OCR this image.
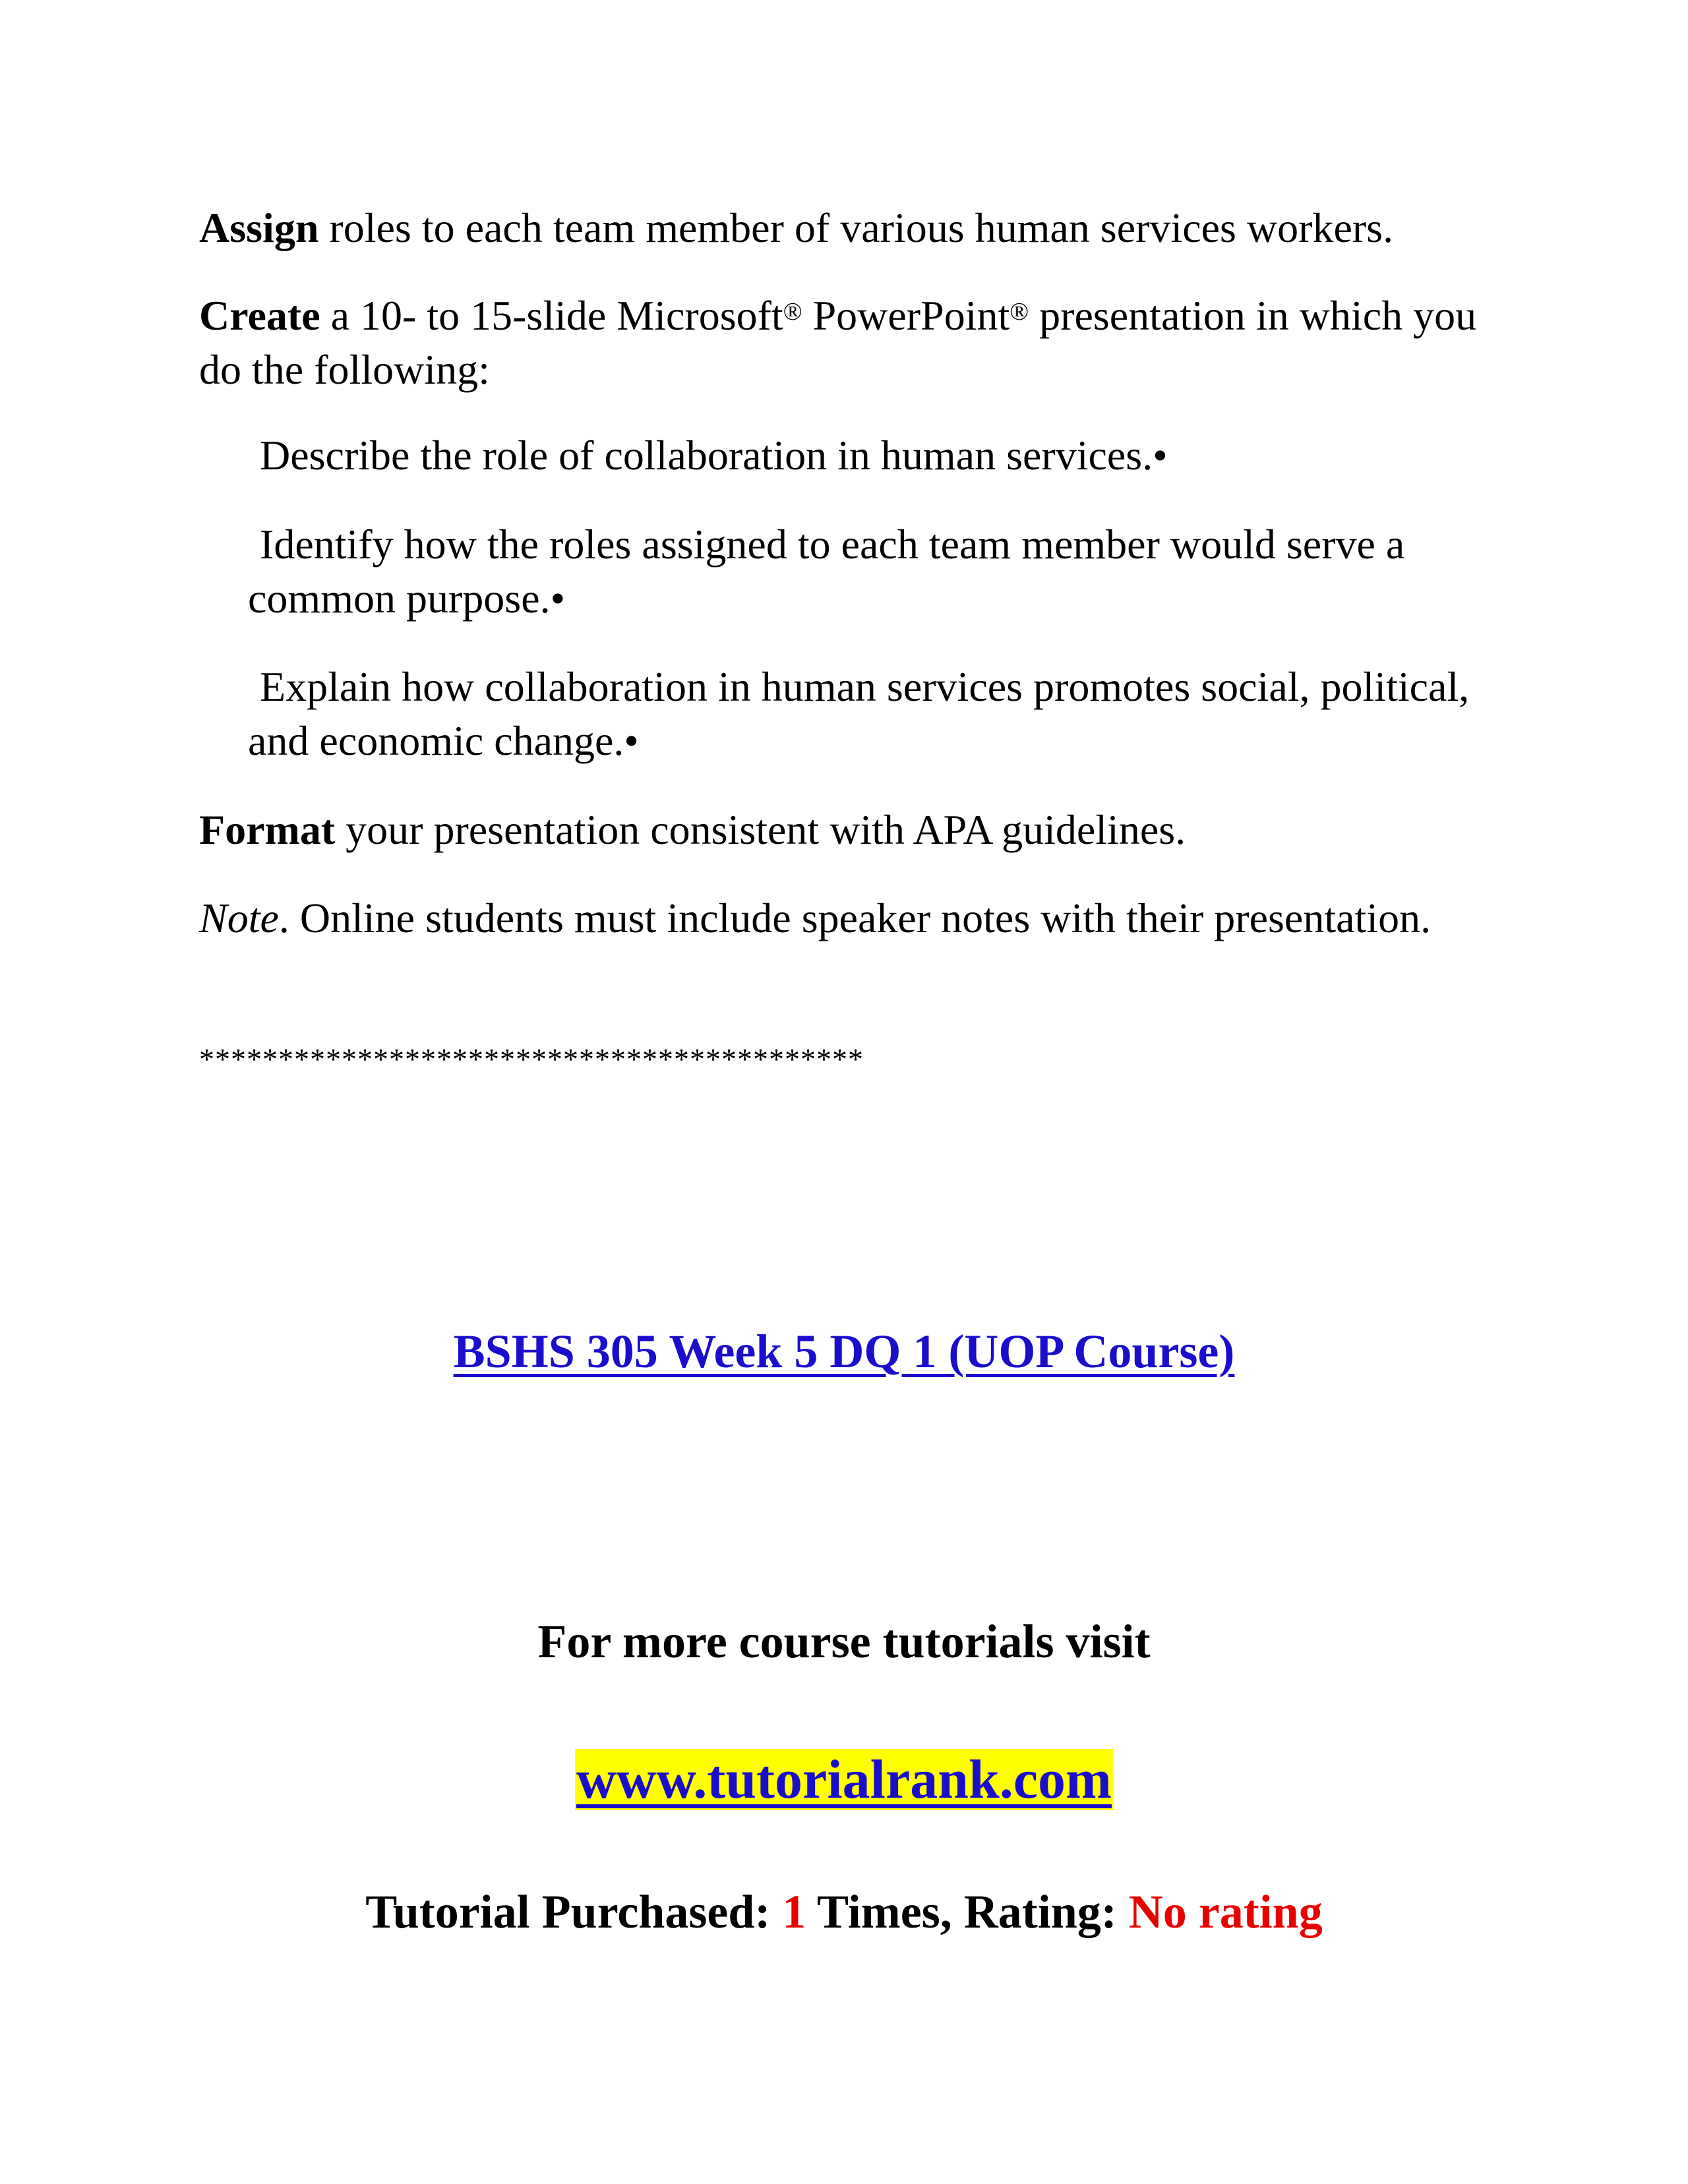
Assign roles to each team member of various human services workers.

Create a 10- to 15-slide Microsoft® PowerPoint® presentation in which you do the following:

Describe the role of collaboration in human services.•

Identify how the roles assigned to each team member would serve a common purpose.•

Explain how collaboration in human services promotes social, political, and economic change.•

Format your presentation consistent with APA guidelines.

Note. Online students must include speaker notes with their presentation.

******************************************

BSHS 305 Week 5 DQ 1 (UOP Course)

For more course tutorials visit

www.tutorialrank.com

Tutorial Purchased: 1 Times, Rating: No rating
